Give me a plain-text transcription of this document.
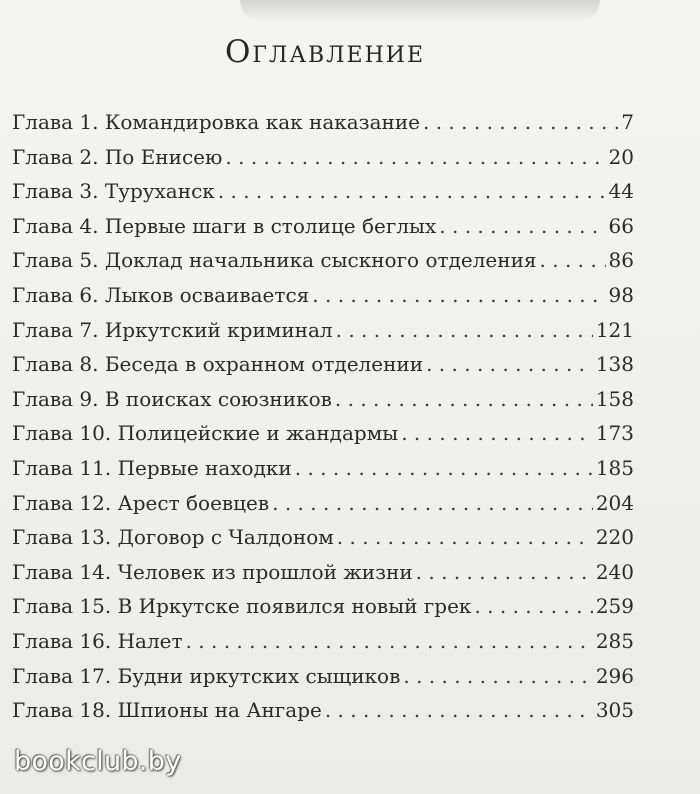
Оглавление
Глава 1. Командировка как наказание . . .	7
Глава 2. По Енисею . . .	20
Глава 3. Туруханск . . .	44
Глава 4. Первые шаги в столице беглых . . .	66
Глава 5. Доклад начальника сыскного отделения . . .	86
Глава 6. Лыков осваивается . . .	98
Глава 7. Иркутский криминал . . .	121
Глава 8. Беседа в охранном отделении . . .	138
Глава 9. В поисках союзников . . .	158
Глава 10. Полицейские и жандармы . . .	173
Глава 11. Первые находки . . .	185
Глава 12. Арест боевцев . . .	204
Глава 13. Договор с Чалдоном . . .	220
Глава 14. Человек из прошлой жизни . . .	240
Глава 15. В Иркутске появился новый грек . . .	259
Глава 16. Налет . . .	285
Глава 17. Будни иркутских сыщиков . . .	296
Глава 18. Шпионы на Ангаре . . .	305
bookclub.by
